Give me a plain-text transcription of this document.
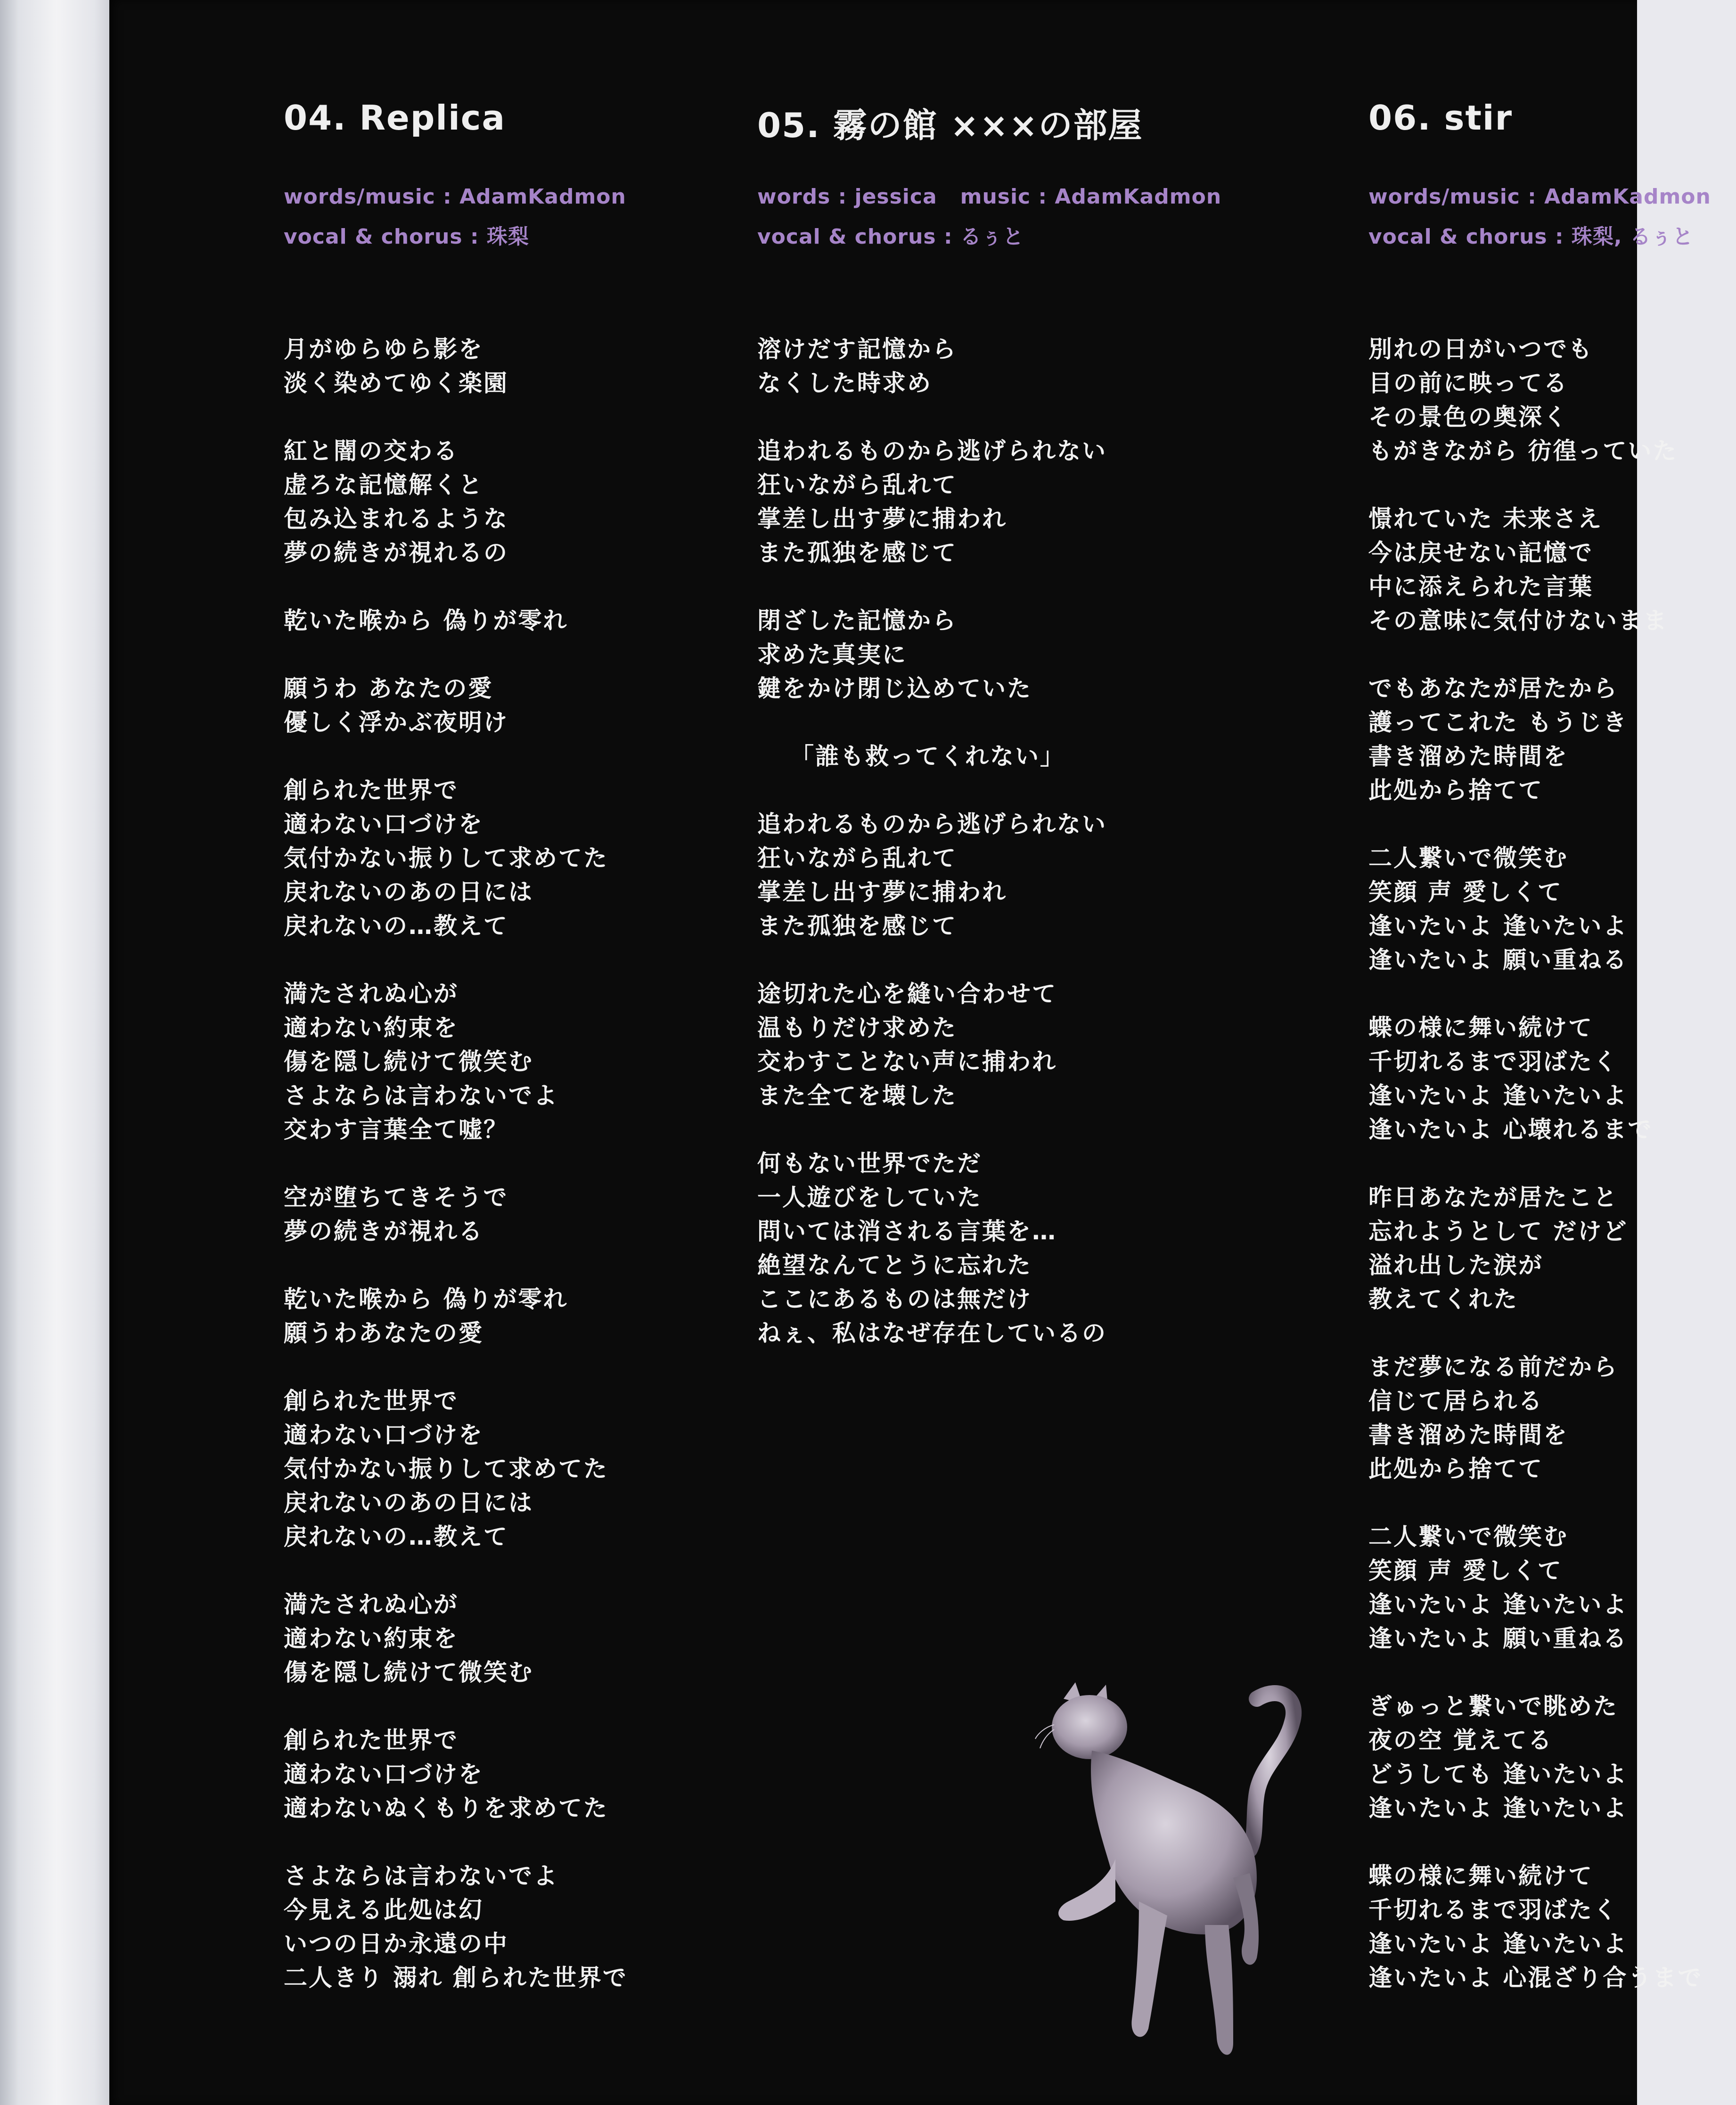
04. Replica
words/music : AdamKadmon
vocal & chorus : 珠梨
月がゆらゆら影を
淡く染めてゆく楽園
紅と闇の交わる
虚ろな記憶解くと
包み込まれるような
夢の続きが視れるの
乾いた喉から 偽りが零れ
願うわ あなたの愛
優しく浮かぶ夜明け
創られた世界で
適わない口づけを
気付かない振りして求めてた
戻れないのあの日には
戻れないの…教えて
満たされぬ心が
適わない約束を
傷を隠し続けて微笑む
さよならは言わないでよ
交わす言葉全て嘘？
空が堕ちてきそうで
夢の続きが視れる
乾いた喉から 偽りが零れ
願うわあなたの愛
創られた世界で
適わない口づけを
気付かない振りして求めてた
戻れないのあの日には
戻れないの…教えて
満たされぬ心が
適わない約束を
傷を隠し続けて微笑む
創られた世界で
適わない口づけを
適わないぬくもりを求めてた
さよならは言わないでよ
今見える此処は幻
いつの日か永遠の中
二人きり 溺れ 創られた世界で
05. 霧の館 ×××の部屋
words : jessica   music : AdamKadmon
vocal & chorus : るぅと
溶けだす記憶から
なくした時求め
追われるものから逃げられない
狂いながら乱れて
掌差し出す夢に捕われ
また孤独を感じて
閉ざした記憶から
求めた真実に
鍵をかけ閉じ込めていた
「誰も救ってくれない」
追われるものから逃げられない
狂いながら乱れて
掌差し出す夢に捕われ
また孤独を感じて
途切れた心を縫い合わせて
温もりだけ求めた
交わすことない声に捕われ
また全てを壊した
何もない世界でただ
一人遊びをしていた
問いては消される言葉を…
絶望なんてとうに忘れた
ここにあるものは無だけ
ねぇ、私はなぜ存在しているの
06. stir
words/music : AdamKadmon
vocal & chorus : 珠梨, るぅと
別れの日がいつでも
目の前に映ってる
その景色の奥深く
もがきながら 彷徨っていた
憬れていた 未来さえ
今は戻せない記憶で
中に添えられた言葉
その意味に気付けないまま
でもあなたが居たから
護ってこれた もうじき
書き溜めた時間を
此処から捨てて
二人繋いで微笑む
笑顔 声 愛しくて
逢いたいよ 逢いたいよ
逢いたいよ 願い重ねる
蝶の様に舞い続けて
千切れるまで羽ばたく
逢いたいよ 逢いたいよ
逢いたいよ 心壊れるまで
昨日あなたが居たこと
忘れようとして だけど
溢れ出した涙が
教えてくれた
まだ夢になる前だから
信じて居られる
書き溜めた時間を
此処から捨てて
二人繋いで微笑む
笑顔 声 愛しくて
逢いたいよ 逢いたいよ
逢いたいよ 願い重ねる
ぎゅっと繋いで眺めた
夜の空 覚えてる
どうしても 逢いたいよ
逢いたいよ 逢いたいよ
蝶の様に舞い続けて
千切れるまで羽ばたく
逢いたいよ 逢いたいよ
逢いたいよ 心混ざり合うまで
